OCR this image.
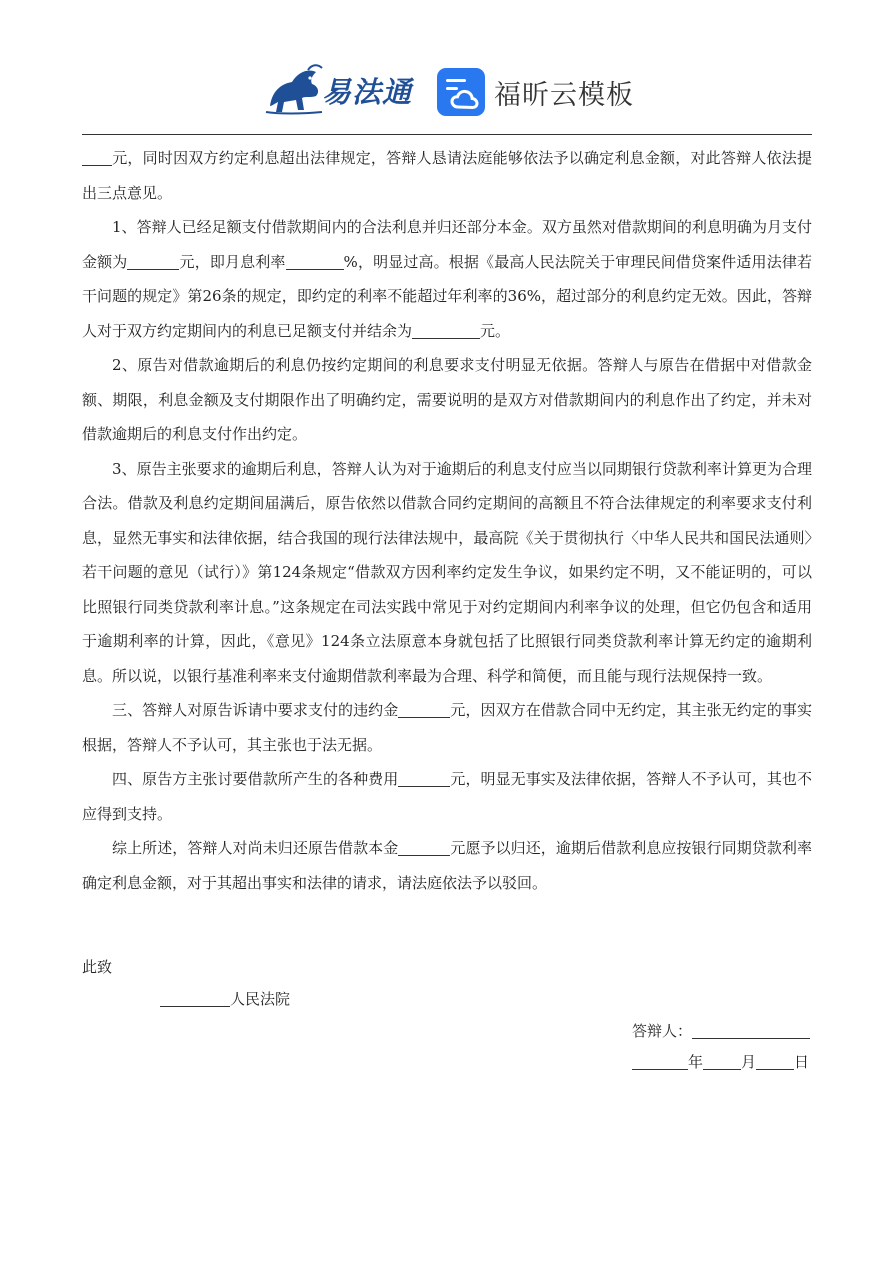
易法通	福昕云模板

元，同时因双方约定利息超出法律规定，答辩人恳请法庭能够依法予以确定利息金额，对此答辩人依法提出三点意见。

1、答辩人已经足额支付借款期间内的合法利息并归还部分本金。双方虽然对借款期间的利息明确为月支付金额为	元，即月息利率	%，明显过高。根据《最高人民法院关于审理民间借贷案件适用法律若干问题的规定》第26条的规定，即约定的利率不能超过年利率的36%，超过部分的利息约定无效。因此，答辩人对于双方约定期间内的利息已足额支付并结余为	元。

2、原告对借款逾期后的利息仍按约定期间的利息要求支付明显无依据。答辩人与原告在借据中对借款金额、期限，利息金额及支付期限作出了明确约定，需要说明的是双方对借款期间内的利息作出了约定，并未对借款逾期后的利息支付作出约定。

3、原告主张要求的逾期后利息，答辩人认为对于逾期后的利息支付应当以同期银行贷款利率计算更为合理合法。借款及利息约定期间届满后，原告依然以借款合同约定期间的高额且不符合法律规定的利率要求支付利息，显然无事实和法律依据，结合我国的现行法律法规中，最高院《关于贯彻执行〈中华人民共和国民法通则〉若干问题的意见（试行）》第124条规定“借款双方因利率约定发生争议，如果约定不明，又不能证明的，可以比照银行同类贷款利率计息。”这条规定在司法实践中常见于对约定期间内利率争议的处理，但它仍包含和适用于逾期利率的计算，因此，《意见》124条立法原意本身就包括了比照银行同类贷款利率计算无约定的逾期利息。所以说，以银行基准利率来支付逾期借款利率最为合理、科学和简便，而且能与现行法规保持一致。

三、答辩人对原告诉请中要求支付的违约金	元，因双方在借款合同中无约定，其主张无约定的事实根据，答辩人不予认可，其主张也于法无据。

四、原告方主张讨要借款所产生的各种费用	元，明显无事实及法律依据，答辩人不予认可，其也不应得到支持。

综上所述，答辩人对尚未归还原告借款本金	元愿予以归还，逾期后借款利息应按银行同期贷款利率确定利息金额，对于其超出事实和法律的请求，请法庭依法予以驳回。

此致
人民法院
答辩人：
年	月	日
